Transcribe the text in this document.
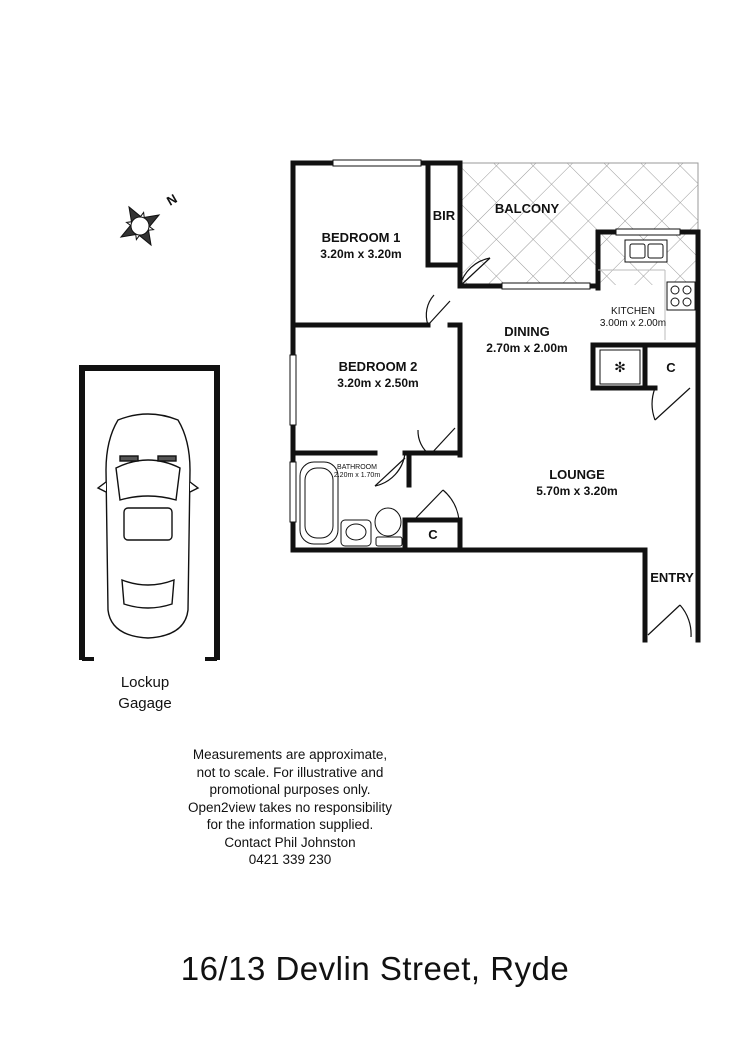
✻
N
BEDROOM 1
3.20m x 3.20m
BIR	BALCONY
KITCHEN
3.00m x 2.00m
DINING
2.70m x 2.00m
BEDROOM 2
3.20m x 2.50m
BATHROOM
2.20m x 1.70m	LOUNGE
5.70m x 3.20m
C
C
ENTRY
Lockup
Gagage
Measurements are approximate,
not to scale. For illustrative and
promotional purposes only.
Open2view takes no responsibility
for the information supplied.
Contact Phil Johnston
0421 339 230
16/13 Devlin Street, Ryde
